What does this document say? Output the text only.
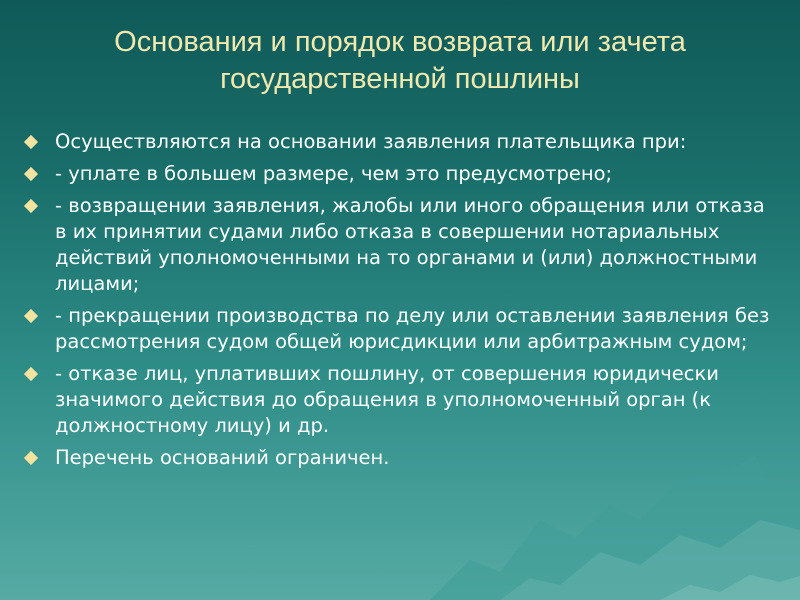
Основания и порядок возврата или зачета
государственной пошлины
Осуществляются на основании заявления плательщика при:
- уплате в большем размере, чем это предусмотрено;
- возвращении заявления, жалобы или иного обращения или отказа в их принятии судами либо отказа в совершении нотариальных действий уполномоченными на то органами и (или) должностными лицами;
- прекращении производства по делу или оставлении заявления без рассмотрения судом общей юрисдикции или арбитражным судом;
- отказе лиц, уплативших пошлину, от совершения юридически значимого действия до обращения в уполномоченный орган (к должностному лицу) и др.
Перечень оснований ограничен.
